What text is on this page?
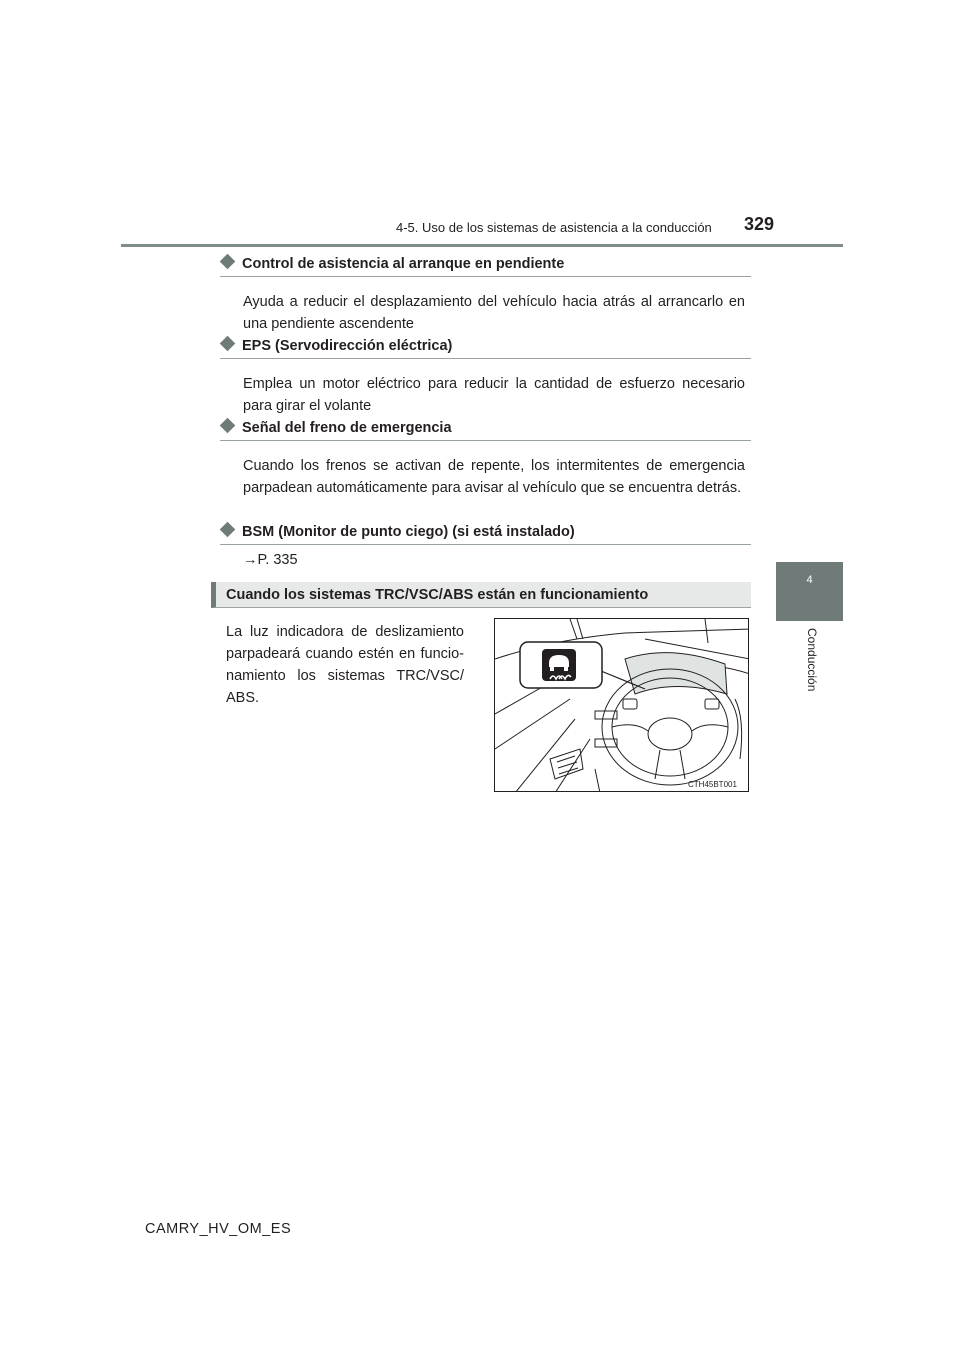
4-5. Uso de los sistemas de asistencia a la conducción 329
4
Conducción
Control de asistencia al arranque en pendiente
Ayuda a reducir el desplazamiento del vehículo hacia atrás al arrancarlo en una pendiente ascendente
EPS (Servodirección eléctrica)
Emplea un motor eléctrico para reducir la cantidad de esfuerzo necesario para girar el volante
Señal del freno de emergencia
Cuando los frenos se activan de repente, los intermitentes de emergencia parpadean automáticamente para avisar al vehículo que se encuentra detrás.
BSM (Monitor de punto ciego) (si está instalado)
→P. 335
Cuando los sistemas TRC/VSC/ABS están en funcionamiento
La luz indicadora de deslizamiento parpadeará cuando estén en funcio-namiento los sistemas TRC/VSC/ ABS.
CTH45BT001
CAMRY_HV_OM_ES
